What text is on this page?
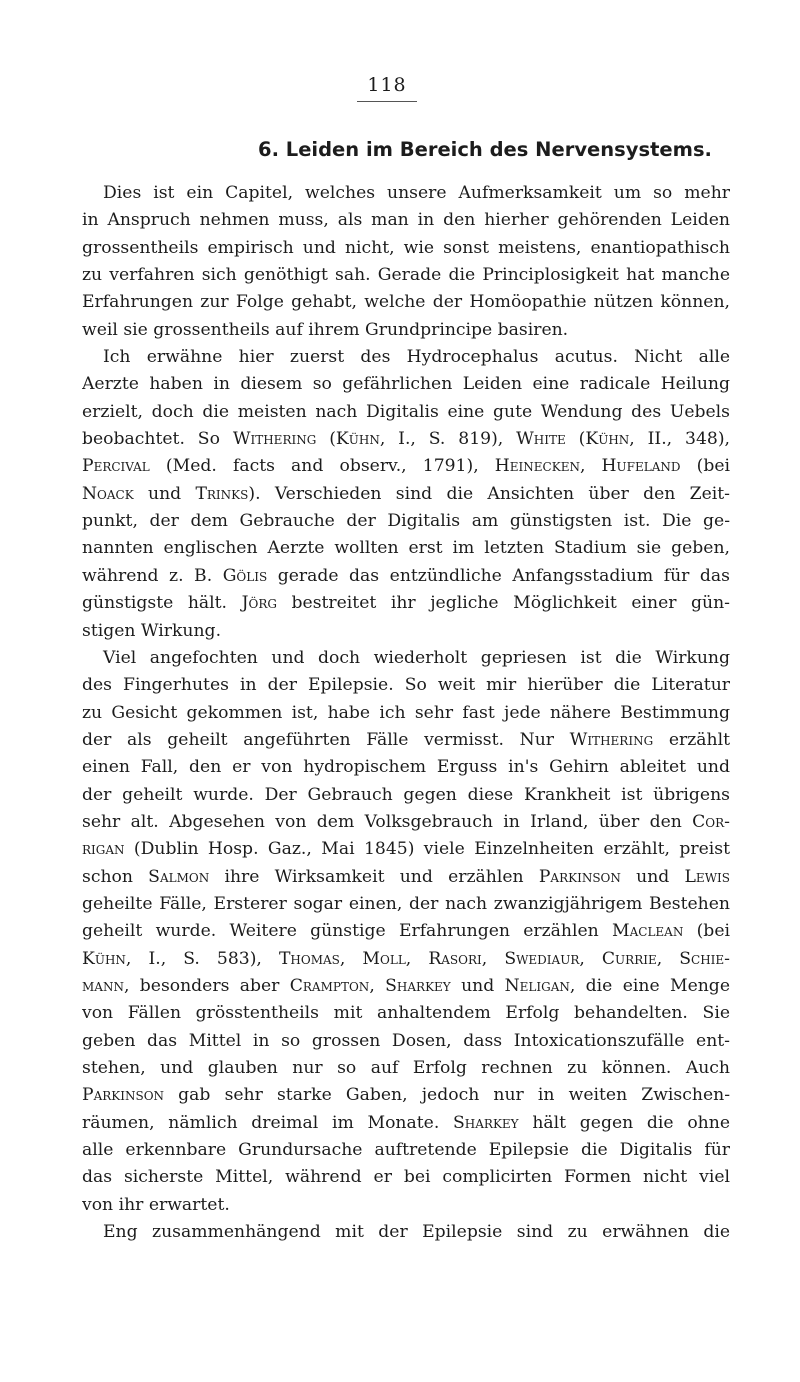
118
6. Leiden im Bereich des Nervensystems.
Dies ist ein Capitel, welches unsere Aufmerksamkeit um so mehr
in Anspruch nehmen muss, als man in den hierher gehörenden Leiden
grossentheils empirisch und nicht, wie sonst meistens, enantiopathisch
zu verfahren sich genöthigt sah. Gerade die Principlosigkeit hat manche
Erfahrungen zur Folge gehabt, welche der Homöopathie nützen können,
weil sie grossentheils auf ihrem Grundprincipe basiren.
Ich erwähne hier zuerst des Hydrocephalus acutus. Nicht alle
Aerzte haben in diesem so gefährlichen Leiden eine radicale Heilung
erzielt, doch die meisten nach Digitalis eine gute Wendung des Uebels
beobachtet. So Withering (Kühn, I., S. 819), White (Kühn, II., 348),
Percival (Med. facts and observ., 1791), Heinecken, Hufeland (bei
Noack und Trinks). Verschieden sind die Ansichten über den Zeit-
punkt, der dem Gebrauche der Digitalis am günstigsten ist. Die ge-
nannten englischen Aerzte wollten erst im letzten Stadium sie geben,
während z. B. Gölis gerade das entzündliche Anfangsstadium für das
günstigste hält. Jörg bestreitet ihr jegliche Möglichkeit einer gün-
stigen Wirkung.
Viel angefochten und doch wiederholt gepriesen ist die Wirkung
des Fingerhutes in der Epilepsie. So weit mir hierüber die Literatur
zu Gesicht gekommen ist, habe ich sehr fast jede nähere Bestimmung
der als geheilt angeführten Fälle vermisst. Nur Withering erzählt
einen Fall, den er von hydropischem Erguss in's Gehirn ableitet und
der geheilt wurde. Der Gebrauch gegen diese Krankheit ist übrigens
sehr alt. Abgesehen von dem Volksgebrauch in Irland, über den Cor-
rigan (Dublin Hosp. Gaz., Mai 1845) viele Einzelnheiten erzählt, preist
schon Salmon ihre Wirksamkeit und erzählen Parkinson und Lewis
geheilte Fälle, Ersterer sogar einen, der nach zwanzigjährigem Bestehen
geheilt wurde. Weitere günstige Erfahrungen erzählen Maclean (bei
Kühn, I., S. 583), Thomas, Moll, Rasori, Swediaur, Currie, Schie-
mann, besonders aber Crampton, Sharkey und Neligan, die eine Menge
von Fällen grösstentheils mit anhaltendem Erfolg behandelten. Sie
geben das Mittel in so grossen Dosen, dass Intoxicationszufälle ent-
stehen, und glauben nur so auf Erfolg rechnen zu können. Auch
Parkinson gab sehr starke Gaben, jedoch nur in weiten Zwischen-
räumen, nämlich dreimal im Monate. Sharkey hält gegen die ohne
alle erkennbare Grundursache auftretende Epilepsie die Digitalis für
das sicherste Mittel, während er bei complicirten Formen nicht viel
von ihr erwartet.
Eng zusammenhängend mit der Epilepsie sind zu erwähnen die
